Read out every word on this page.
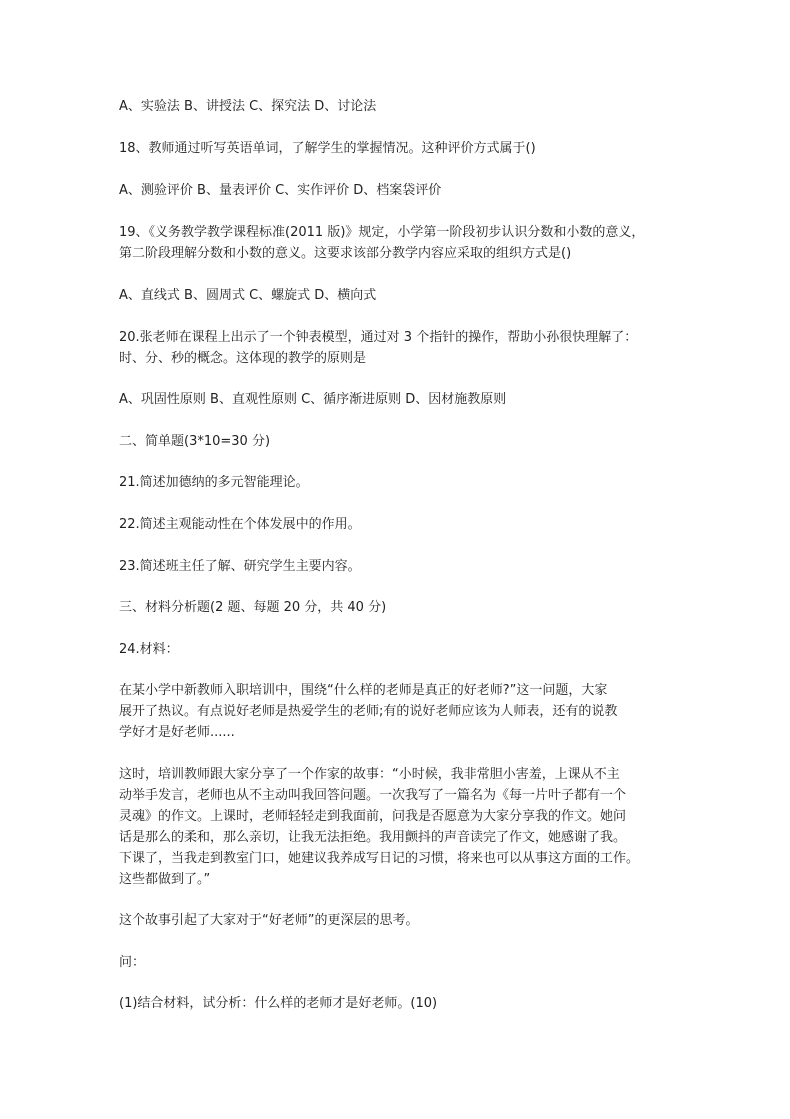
A、实验法 B、讲授法 C、探究法 D、讨论法
18、教师通过听写英语单词，了解学生的掌握情况。这种评价方式属于()
A、测验评价 B、量表评价 C、实作评价 D、档案袋评价
19、《义务教学教学课程标准(2011 版)》规定，小学第一阶段初步认识分数和小数的意义，
第二阶段理解分数和小数的意义。这要求该部分教学内容应采取的组织方式是()
A、直线式 B、圆周式 C、螺旋式 D、横向式
20.张老师在课程上出示了一个钟表模型，通过对 3 个指针的操作，帮助小孙很快理解了：
时、分、秒的概念。这体现的教学的原则是
A、巩固性原则 B、直观性原则 C、循序渐进原则 D、因材施教原则
二、简单题(3*10=30 分)
21.简述加德纳的多元智能理论。
22.简述主观能动性在个体发展中的作用。
23.简述班主任了解、研究学生主要内容。
三、材料分析题(2 题、每题 20 分，共 40 分)
24.材料：
在某小学中新教师入职培训中，围绕“什么样的老师是真正的好老师?”这一问题，大家
展开了热议。有点说好老师是热爱学生的老师;有的说好老师应该为人师表，还有的说教
学好才是好老师......
这时，培训教师跟大家分享了一个作家的故事：“小时候，我非常胆小害羞，上课从不主
动举手发言，老师也从不主动叫我回答问题。一次我写了一篇名为《每一片叶子都有一个
灵魂》的作文。上课时，老师轻轻走到我面前，问我是否愿意为大家分享我的作文。她问
话是那么的柔和，那么亲切，让我无法拒绝。我用颤抖的声音读完了作文，她感谢了我。
下课了，当我走到教室门口，她建议我养成写日记的习惯，将来也可以从事这方面的工作。
这些都做到了。”
这个故事引起了大家对于“好老师”的更深层的思考。
问：
(1)结合材料，试分析：什么样的老师才是好老师。(10)
